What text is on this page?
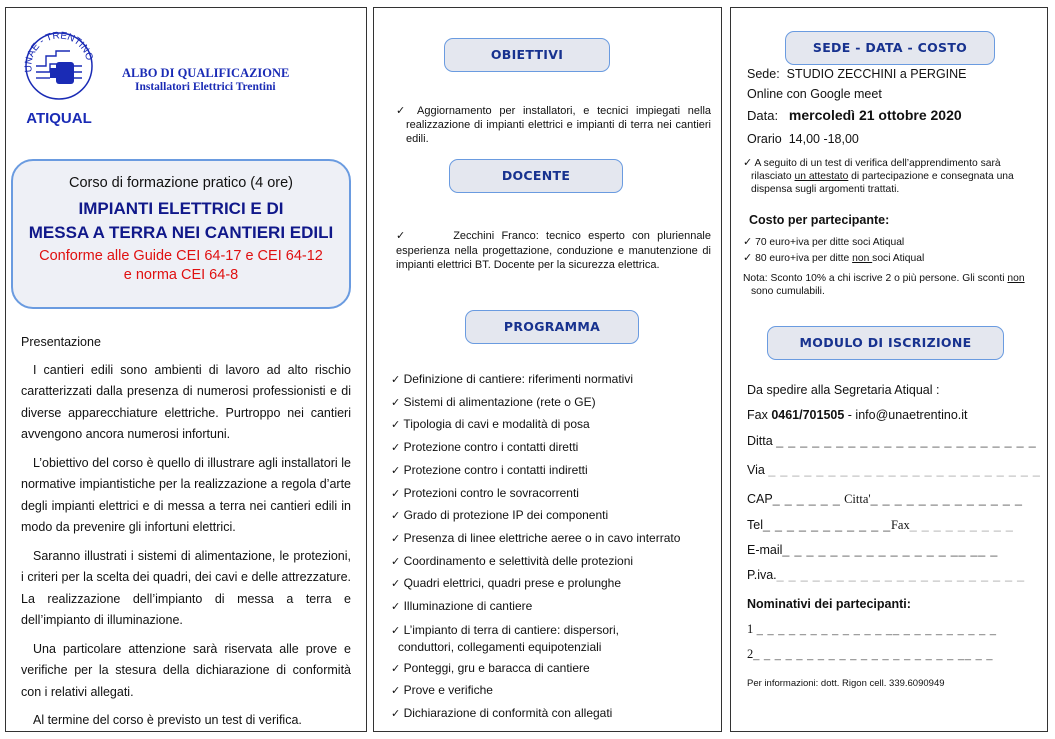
UNAE - TRENTINO
ATIQUAL
ALBO DI QUALIFICAZIONE
Installatori Elettrici Trentini
Corso di formazione pratico (4 ore)
IMPIANTI ELETTRICI E DI
MESSA A TERRA NEI CANTIERI EDILI
Conforme alle Guide CEI 64-17 e CEI 64-12
e norma CEI 64-8

Presentazione

I cantieri edili sono ambienti di lavoro ad alto rischio caratterizzati dalla presenza di numerosi professionisti e di diverse apparecchiature elettriche. Purtroppo nei cantieri avvengono ancora numerosi infortuni.

L’obiettivo del corso è quello di illustrare agli installatori le normative impiantistiche per la realizzazione a regola d’arte degli impianti elettrici e di messa a terra nei cantieri edili in modo da prevenire gli infortuni elettrici.

Saranno illustrati i sistemi di alimentazione, le protezioni, i criteri per la scelta dei quadri, dei cavi e delle attrezzature. La realizzazione dell’impianto di messa a terra e dell’impianto di illuminazione.

Una particolare attenzione sarà riservata alle prove e verifiche per la stesura della dichiarazione di conformità con i relativi allegati.

Al termine del corso è previsto un test di verifica.

OBIETTIVI
✓ Aggiornamento per installatori, e tecnici impiegati nella realizzazione di impianti elettrici e impianti di terra nei cantieri edili.
DOCENTE
✓	Zecchini Franco: tecnico esperto con pluriennale esperienza nella progettazione, conduzione e manutenzione di impianti elettrici BT. Docente per la sicurezza elettrica.
PROGRAMMA
✓ Definizione di cantiere: riferimenti normativi
✓ Sistemi di alimentazione (rete o GE)
✓ Tipologia di cavi e modalità di posa
✓ Protezione contro i contatti diretti
✓ Protezione contro i contatti indiretti
✓ Protezioni contro le sovracorrenti
✓ Grado di protezione IP dei componenti
✓ Presenza di linee elettriche aeree o in cavo interrato
✓ Coordinamento e selettività delle protezioni
✓ Quadri elettrici, quadri prese e prolunghe
✓ Illuminazione di cantiere
✓ L’impianto di terra di cantiere: dispersori,
conduttori, collegamenti equipotenziali
✓ Ponteggi, gru e baracca di cantiere
✓ Prove e verifiche
✓ Dichiarazione di conformità con allegati
SEDE - DATA - COSTO
Sede: STUDIO ZECCHINI a PERGINE
Online con Google meet
Data: mercoledì 21 ottobre 2020
Orario 14,00 -18,00
✓ A seguito di un test di verifica dell’apprendimento sarà rilasciato un attestato di partecipazione e consegnata una dispensa sugli argomenti trattati.
Costo per partecipante:
✓ 70 euro+iva per ditte soci Atiqual
✓ 80 euro+iva per ditte non soci Atiqual
Nota: Sconto 10% a chi iscrive 2 o più persone. Gli sconti non sono cumulabili.
MODULO DI ISCRIZIONE
Da spedire alla Segretaria Atiqual :
Fax 0461/701505 - info@unaetrentino.it
Ditta _ _ _ _ _ _ _ _ _ _ _ _ _ _ _ _ _ _ _ _ _ _
Via _ _ _ _ _ _ _ _ _ _ _ _ _ _ _ _ _ _ _ _ _ _ _
CAP_ _ _ _ _ _ Citta'_ _ _ _ _ _ _ _ _ _ _ _ _
Tel_ _ _ _ _ _ _ _ _ _ _Fax_ _ _ _ _ _ _ _ _
E-mail_ _ _ _ _ _ _ _ _ _ _ _ _ _ __ __ _
P.iva._ _ _ _ _ _ _ _ _ _ _ _ _ _ _ _ _ _ _ _ _
Nominativi dei partecipanti:
1 _ _ _ _ _ _ _ _ _ _ _ _ __ _ _ _ _ _ _ _ _ _
2_ _ _ _ _ _ _ _ _ _ _ _ _ _ _ _ _ _ _ __ _ _
Per informazioni: dott. Rigon cell. 339.6090949
